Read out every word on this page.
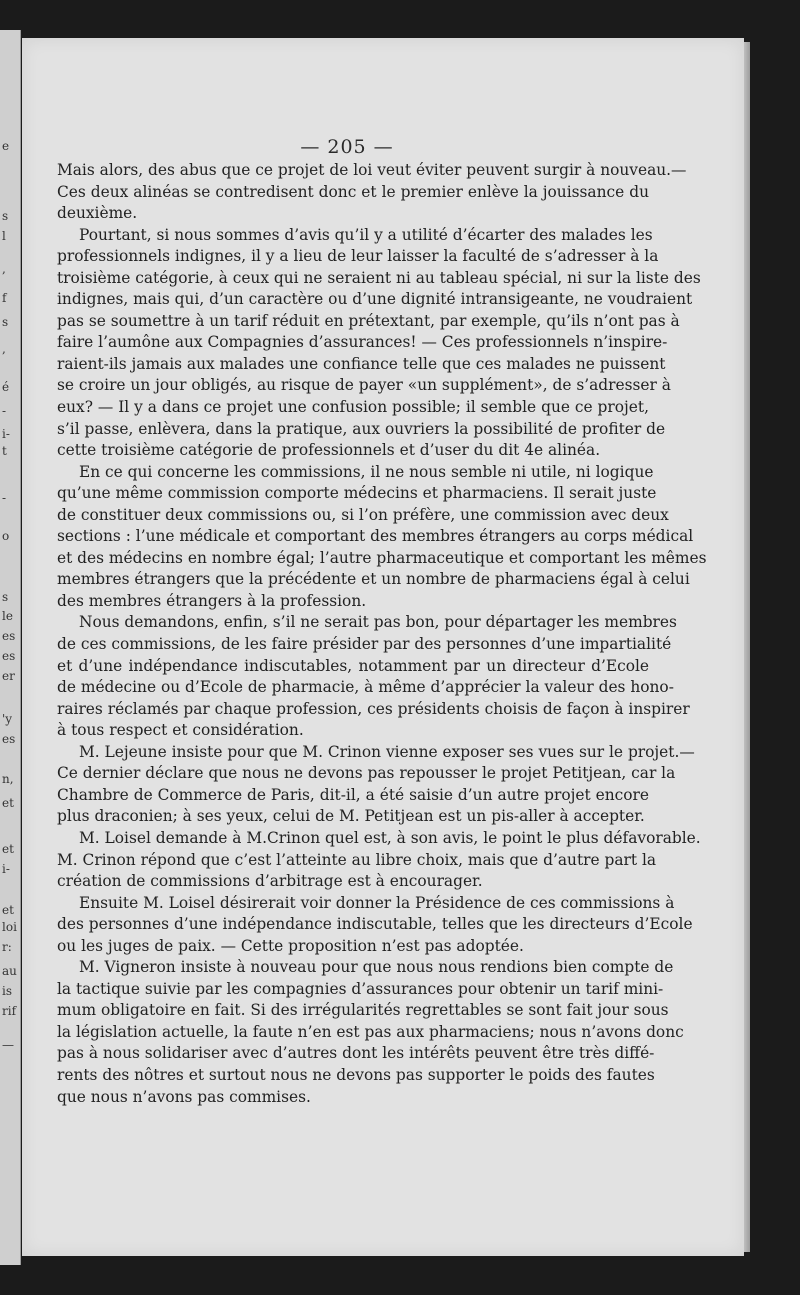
e
s
l
,
f
s
,
é
-
i-
t
-
o
s
le
es
es
er
'y
es
n,
et
et
i-
et
loi
r:
au
is
rif
—
— 205 —
Mais alors, des abus que ce projet de loi veut éviter peuvent surgir à nouveau.—
Ces deux alinéas se contredisent donc et le premier enlève la jouissance du
deuxième.
Pourtant, si nous sommes d’avis qu’il y a utilité d’écarter des malades les
professionnels indignes, il y a lieu de leur laisser la faculté de s’adresser à la
troisième catégorie, à ceux qui ne seraient ni au tableau spécial, ni sur la liste des
indignes, mais qui, d’un caractère ou d’une dignité intransigeante, ne voudraient
pas se soumettre à un tarif réduit en prétextant, par exemple, qu’ils n’ont pas à
faire l’aumône aux Compagnies d’assurances! — Ces professionnels n’inspire-
raient-ils jamais aux malades une confiance telle que ces malades ne puissent
se croire un jour obligés, au risque de payer «un supplément», de s’adresser à
eux? — Il y a dans ce projet une confusion possible; il semble que ce projet,
s’il passe, enlèvera, dans la pratique, aux ouvriers la possibilité de profiter de
cette troisième catégorie de professionnels et d’user du dit 4e alinéa.
En ce qui concerne les commissions, il ne nous semble ni utile, ni logique
qu’une même commission comporte médecins et pharmaciens. Il serait juste
de constituer deux commissions ou, si l’on préfère, une commission avec deux
sections : l’une médicale et comportant des membres étrangers au corps médical
et des médecins en nombre égal; l’autre pharmaceutique et comportant les mêmes
membres étrangers que la précédente et un nombre de pharmaciens égal à celui
des membres étrangers à la profession.
Nous demandons, enfin, s’il ne serait pas bon, pour départager les membres
de ces commissions, de les faire présider par des personnes d’une impartialité
et d’une indépendance indiscutables, notamment par un directeur d’Ecole
de médecine ou d’Ecole de pharmacie, à même d’apprécier la valeur des hono-
raires réclamés par chaque profession, ces présidents choisis de façon à inspirer
à tous respect et considération.
M. Lejeune insiste pour que M. Crinon vienne exposer ses vues sur le projet.—
Ce dernier déclare que nous ne devons pas repousser le projet Petitjean, car la
Chambre de Commerce de Paris, dit-il, a été saisie d’un autre projet encore
plus draconien; à ses yeux, celui de M. Petitjean est un pis-aller à accepter.
M. Loisel demande à M.Crinon quel est, à son avis, le point le plus défavorable.
M. Crinon répond que c’est l’atteinte au libre choix, mais que d’autre part la
création de commissions d’arbitrage est à encourager.
Ensuite M. Loisel désirerait voir donner la Présidence de ces commissions à
des personnes d’une indépendance indiscutable, telles que les directeurs d’Ecole
ou les juges de paix. — Cette proposition n’est pas adoptée.
M. Vigneron insiste à nouveau pour que nous nous rendions bien compte de
la tactique suivie par les compagnies d’assurances pour obtenir un tarif mini-
mum obligatoire en fait. Si des irrégularités regrettables se sont fait jour sous
la législation actuelle, la faute n’en est pas aux pharmaciens; nous n’avons donc
pas à nous solidariser avec d’autres dont les intérêts peuvent être très diffé-
rents des nôtres et surtout nous ne devons pas supporter le poids des fautes
que nous n’avons pas commises.
